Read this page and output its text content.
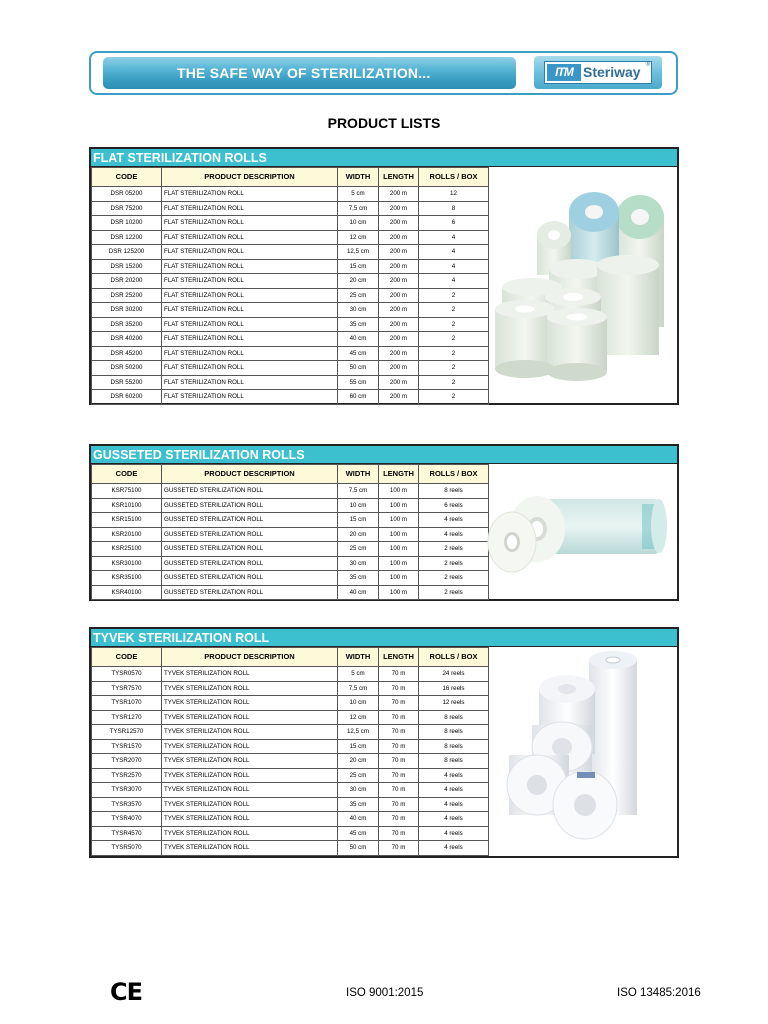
THE SAFE WAY OF STERILIZATION...	ITM Steriway ®
PRODUCT LISTS
FLAT STERILIZATION ROLLS
CODE	PRODUCT DESCRIPTION	WIDTH	LENGTH	ROLLS / BOX
DSR 05200	FLAT STERILIZATION ROLL	5 cm	200 m	12
DSR 75200	FLAT STERILIZATION ROLL	7,5 cm	200 m	8
DSR 10200	FLAT STERILIZATION ROLL	10 cm	200 m	6
DSR 12200	FLAT STERILIZATION ROLL	12 cm	200 m	4
DSR 125200	FLAT STERILIZATION ROLL	12,5 cm	200 m	4
DSR 15200	FLAT STERILIZATION ROLL	15 cm	200 m	4
DSR 20200	FLAT STERILIZATION ROLL	20 cm	200 m	4
DSR 25200	FLAT STERILIZATION ROLL	25 cm	200 m	2
DSR 30200	FLAT STERILIZATION ROLL	30 cm	200 m	2
DSR 35200	FLAT STERILIZATION ROLL	35 cm	200 m	2
DSR 40200	FLAT STERILIZATION ROLL	40 cm	200 m	2
DSR 45200	FLAT STERILIZATION ROLL	45 cm	200 m	2
DSR 50200	FLAT STERILIZATION ROLL	50 cm	200 m	2
DSR 55200	FLAT STERILIZATION ROLL	55 cm	200 m	2
DSR 60200	FLAT STERILIZATION ROLL	60 cm	200 m	2
GUSSETED STERILIZATION ROLLS
CODE	PRODUCT DESCRIPTION	WIDTH	LENGTH	ROLLS / BOX
KSR75100	GUSSETED STERILIZATION ROLL	7,5 cm	100 m	8 reels
KSR10100	GUSSETED STERILIZATION ROLL	10 cm	100 m	6 reels
KSR15100	GUSSETED STERILIZATION ROLL	15 cm	100 m	4 reels
KSR20100	GUSSETED STERILIZATION ROLL	20 cm	100 m	4 reels
KSR25100	GUSSETED STERILIZATION ROLL	25 cm	100 m	2 reels
KSR30100	GUSSETED STERILIZATION ROLL	30 cm	100 m	2 reels
KSR35100	GUSSETED STERILIZATION ROLL	35 cm	100 m	2 reels
KSR40100	GUSSETED STERILIZATION ROLL	40 cm	100 m	2 reels
TYVEK STERILIZATION ROLL
CODE	PRODUCT DESCRIPTION	WIDTH	LENGTH	ROLLS / BOX
TYSR0570	TYVEK STERILIZATION ROLL	5 cm	70 m	24 reels
TYSR7570	TYVEK STERILIZATION ROLL	7,5 cm	70 m	16 reels
TYSR1070	TYVEK STERILIZATION ROLL	10 cm	70 m	12 reels
TYSR1270	TYVEK STERILIZATION ROLL	12 cm	70 m	8 reels
TYSR12570	TYVEK STERILIZATION ROLL	12,5 cm	70 m	8 reels
TYSR1570	TYVEK STERILIZATION ROLL	15 cm	70 m	8 reels
TYSR2070	TYVEK STERILIZATION ROLL	20 cm	70 m	8 reels
TYSR2570	TYVEK STERILIZATION ROLL	25 cm	70 m	4 reels
TYSR3070	TYVEK STERILIZATION ROLL	30 cm	70 m	4 reels
TYSR3570	TYVEK STERILIZATION ROLL	35 cm	70 m	4 reels
TYSR4070	TYVEK STERILIZATION ROLL	40 cm	70 m	4 reels
TYSR4570	TYVEK STERILIZATION ROLL	45 cm	70 m	4 reels
TYSR5070	TYVEK STERILIZATION ROLL	50 cm	70 m	4 reels
CE	ISO 9001:2015	ISO 13485:2016
